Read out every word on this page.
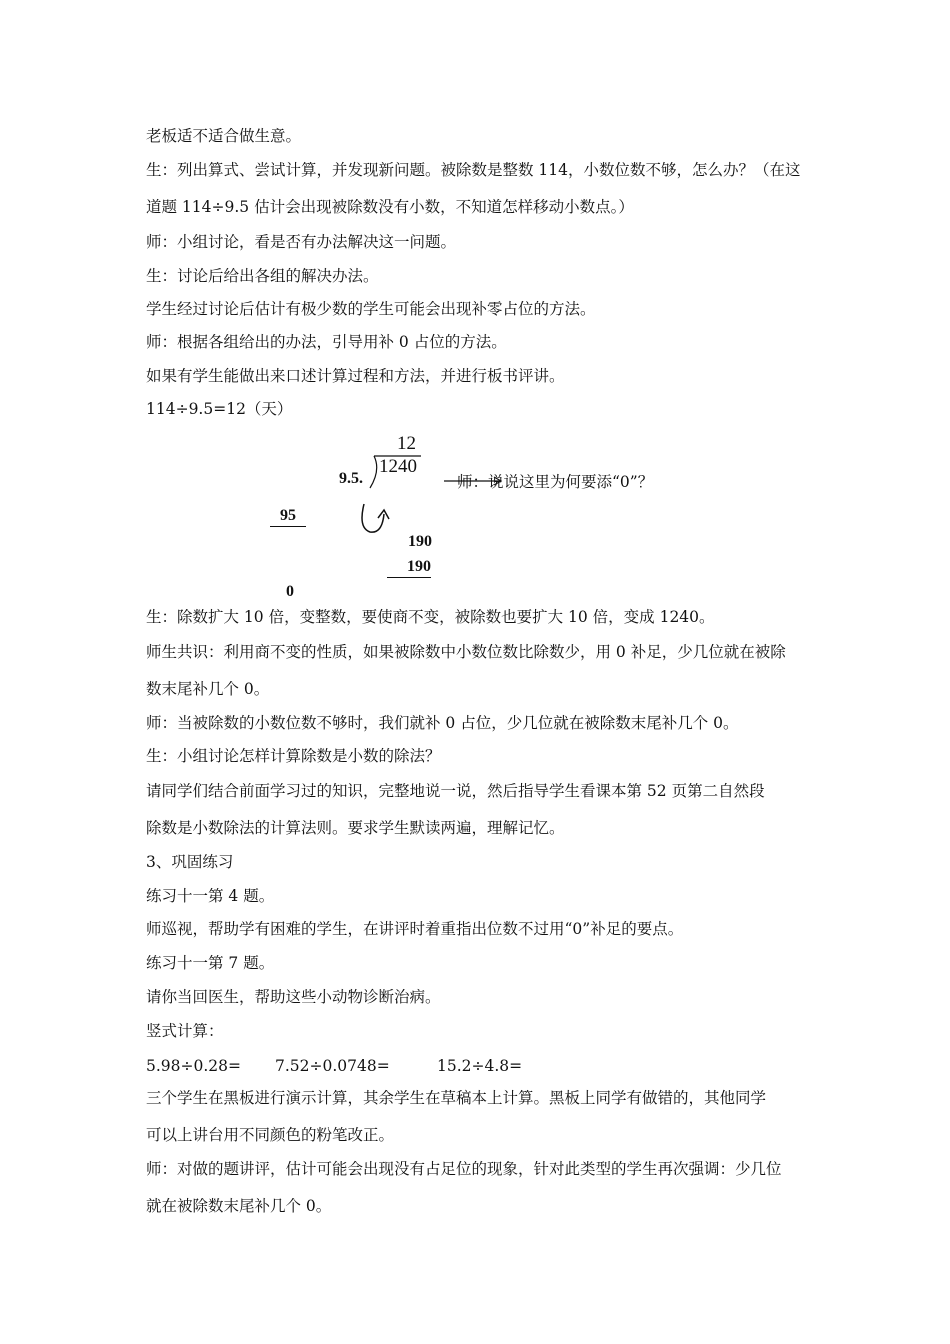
老板适不适合做生意。
生：列出算式、尝试计算，并发现新问题。被除数是整数 114，小数位数不够，怎么办？（在这
道题 114÷9.5 估计会出现被除数没有小数，不知道怎样移动小数点。）
师：小组讨论，看是否有办法解决这一问题。
生：讨论后给出各组的解决办法。
学生经过讨论后估计有极少数的学生可能会出现补零占位的方法。
师：根据各组给出的办法，引导用补 0 占位的方法。
如果有学生能做出来口述计算过程和方法，并进行板书评讲。
114÷9.5=12（天）
12
1240
9.5.	师：说说这里为何要添“0”？
95
190
190
0
生：除数扩大 10 倍，变整数，要使商不变，被除数也要扩大 10 倍，变成 1240。
师生共识：利用商不变的性质，如果被除数中小数位数比除数少，用 0 补足，少几位就在被除
数末尾补几个 0。
师：当被除数的小数位数不够时，我们就补 0 占位，少几位就在被除数末尾补几个 0。
生：小组讨论怎样计算除数是小数的除法？
请同学们结合前面学习过的知识，完整地说一说，然后指导学生看课本第 52 页第二自然段
除数是小数除法的计算法则。要求学生默读两遍，理解记忆。
3、巩固练习
练习十一第 4 题。
师巡视，帮助学有困难的学生，在讲评时着重指出位数不过用“0”补足的要点。
练习十一第 7 题。
请你当回医生，帮助这些小动物诊断治病。
竖式计算：
5.98÷0.28= 7.52÷0.0748=	15.2÷4.8=
三个学生在黑板进行演示计算，其余学生在草稿本上计算。黑板上同学有做错的，其他同学
可以上讲台用不同颜色的粉笔改正。
师：对做的题讲评，估计可能会出现没有占足位的现象，针对此类型的学生再次强调：少几位
就在被除数末尾补几个 0。
